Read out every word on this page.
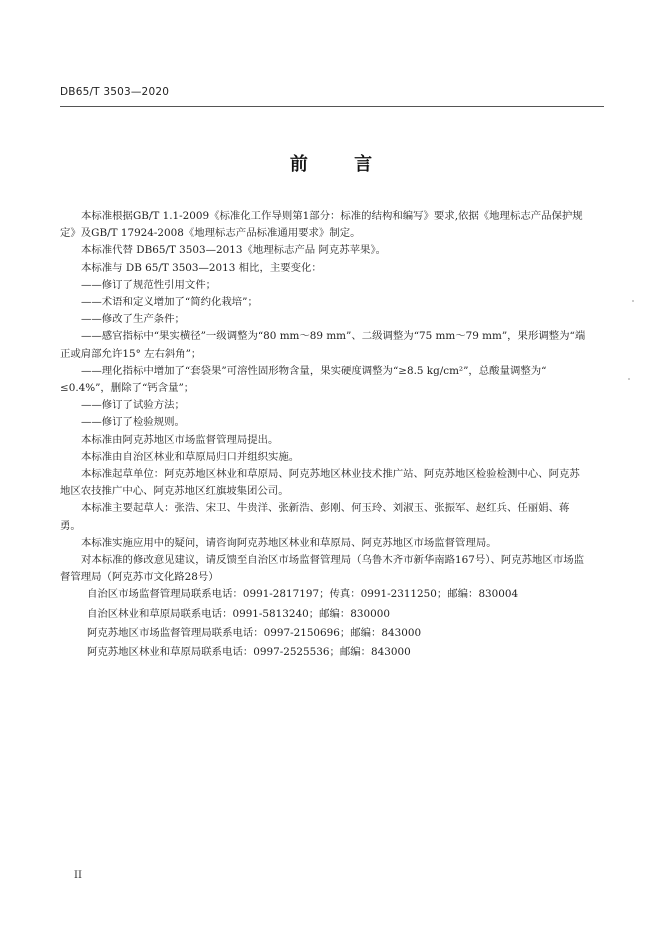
DB65/T 3503—2020
前 言

本标准根据GB/T 1.1-2009《标准化工作导则第1部分：标准的结构和编写》要求,依据《地理标志产品保护规定》及GB/T 17924-2008《地理标志产品标准通用要求》制定。

本标准代替 DB65/T 3503—2013《地理标志产品 阿克苏苹果》。

本标准与 DB 65/T 3503—2013 相比，主要变化：

——修订了规范性引用文件；

——术语和定义增加了“简约化栽培”；

——修改了生产条件；

——感官指标中“果实横径”一级调整为“80 mm～89 mm”、二级调整为“75 mm～79 mm”，果形调整为“端正或肩部允许15° 左右斜角”；

——理化指标中增加了“套袋果”可溶性固形物含量，果实硬度调整为“≥8.5 kg/cm²”，总酸量调整为“ ≤0.4%”，删除了“钙含量”；

——修订了试验方法；

——修订了检验规则。

本标准由阿克苏地区市场监督管理局提出。

本标准由自治区林业和草原局归口并组织实施。

本标准起草单位：阿克苏地区林业和草原局、阿克苏地区林业技术推广站、阿克苏地区检验检测中心、阿克苏地区农技推广中心、阿克苏地区红旗坡集团公司。

本标准主要起草人：张浩、宋卫、牛贵洋、张新浩、彭刚、何玉玲、刘淑玉、张振军、赵红兵、任丽娟、蒋勇。

本标准实施应用中的疑问，请咨询阿克苏地区林业和草原局、阿克苏地区市场监督管理局。

对本标准的修改意见建议，请反馈至自治区市场监督管理局（乌鲁木齐市新华南路167号）、阿克苏地区市场监督管理局（阿克苏市文化路28号）

自治区市场监督管理局联系电话：0991-2817197；传真：0991-2311250；邮编：830004

自治区林业和草原局联系电话：0991-5813240；邮编：830000

阿克苏地区市场监督管理局联系电话：0997-2150696；邮编：843000

阿克苏地区林业和草原局联系电话：0997-2525536；邮编：843000

II
